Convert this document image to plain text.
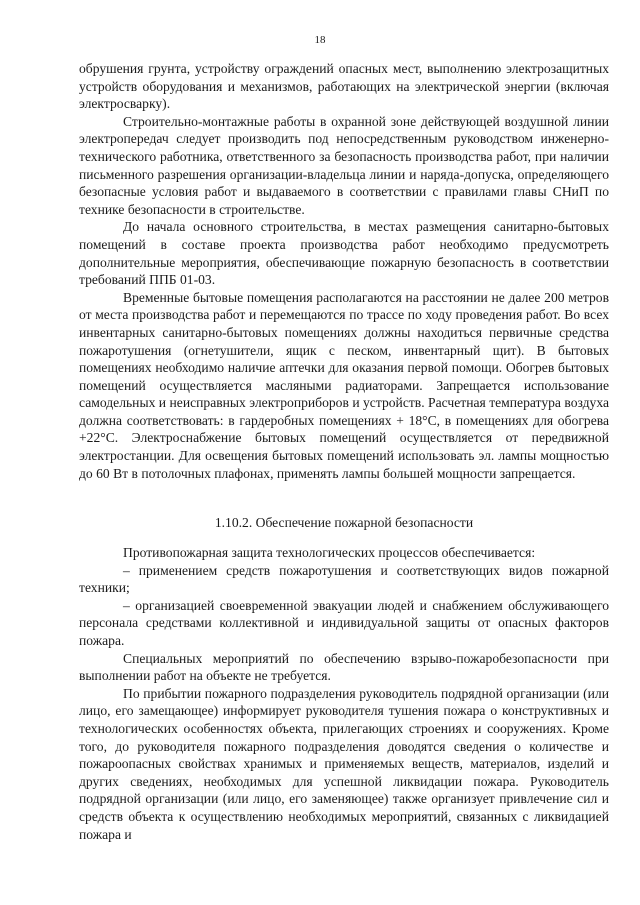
18

обрушения грунта, устройству ограждений опасных мест, выполнению электрозащитных устройств оборудования и механизмов, работающих на электрической энергии (включая электросварку).

Строительно-монтажные работы в охранной зоне действующей воздушной линии электропередач следует производить под непосредственным руководством инженерно-технического работника, ответственного за безопасность производства работ, при наличии письменного разрешения организации-владельца линии и наряда-допуска, определяющего безопасные условия работ и выдаваемого в соответствии с правилами главы СНиП по технике безопасности в строительстве.

До начала основного строительства, в местах размещения санитарно-бытовых помещений в составе проекта производства работ необходимо предусмотреть дополнительные мероприятия, обеспечивающие пожарную безопасность в соответствии требований ППБ 01-03.

Временные бытовые помещения располагаются на расстоянии не далее 200 метров от места производства работ и перемещаются по трассе по ходу проведения работ. Во всех инвентарных санитарно-бытовых помещениях должны находиться первичные средства пожаротушения (огнетушители, ящик с песком, инвентарный щит). В бытовых помещениях необходимо наличие аптечки для оказания первой помощи. Обогрев бытовых помещений осуществляется масляными радиаторами. Запрещается использование самодельных и неисправных электроприборов и устройств. Расчетная температура воздуха должна соответствовать: в гардеробных помещениях + 18°С, в помещениях для обогрева +22°С. Электроснабжение бытовых помещений осуществляется от передвижной электростанции. Для освещения бытовых помещений использовать эл. лампы мощностью до 60 Вт в потолочных плафонах, применять лампы большей мощности запрещается.

1.10.2. Обеспечение пожарной безопасности

Противопожарная защита технологических процессов обеспечивается:

– применением средств пожаротушения и соответствующих видов пожарной техники;

– организацией своевременной эвакуации людей и снабжением обслуживающего персонала средствами коллективной и индивидуальной защиты от опасных факторов пожара.

Специальных мероприятий по обеспечению взрыво-пожаробезопасности при выполнении работ на объекте не требуется.

По прибытии пожарного подразделения руководитель подрядной организации (или лицо, его замещающее) информирует руководителя тушения пожара о конструктивных и технологических особенностях объекта, прилегающих строениях и сооружениях. Кроме того, до руководителя пожарного подразделения доводятся сведения о количестве и пожароопасных свойствах хранимых и применяемых веществ, материалов, изделий и других сведениях, необходимых для успешной ликвидации пожара. Руководитель подрядной организации (или лицо, его заменяющее) также организует привлечение сил и средств объекта к осуществлению необходимых мероприятий, связанных с ликвидацией пожара и
